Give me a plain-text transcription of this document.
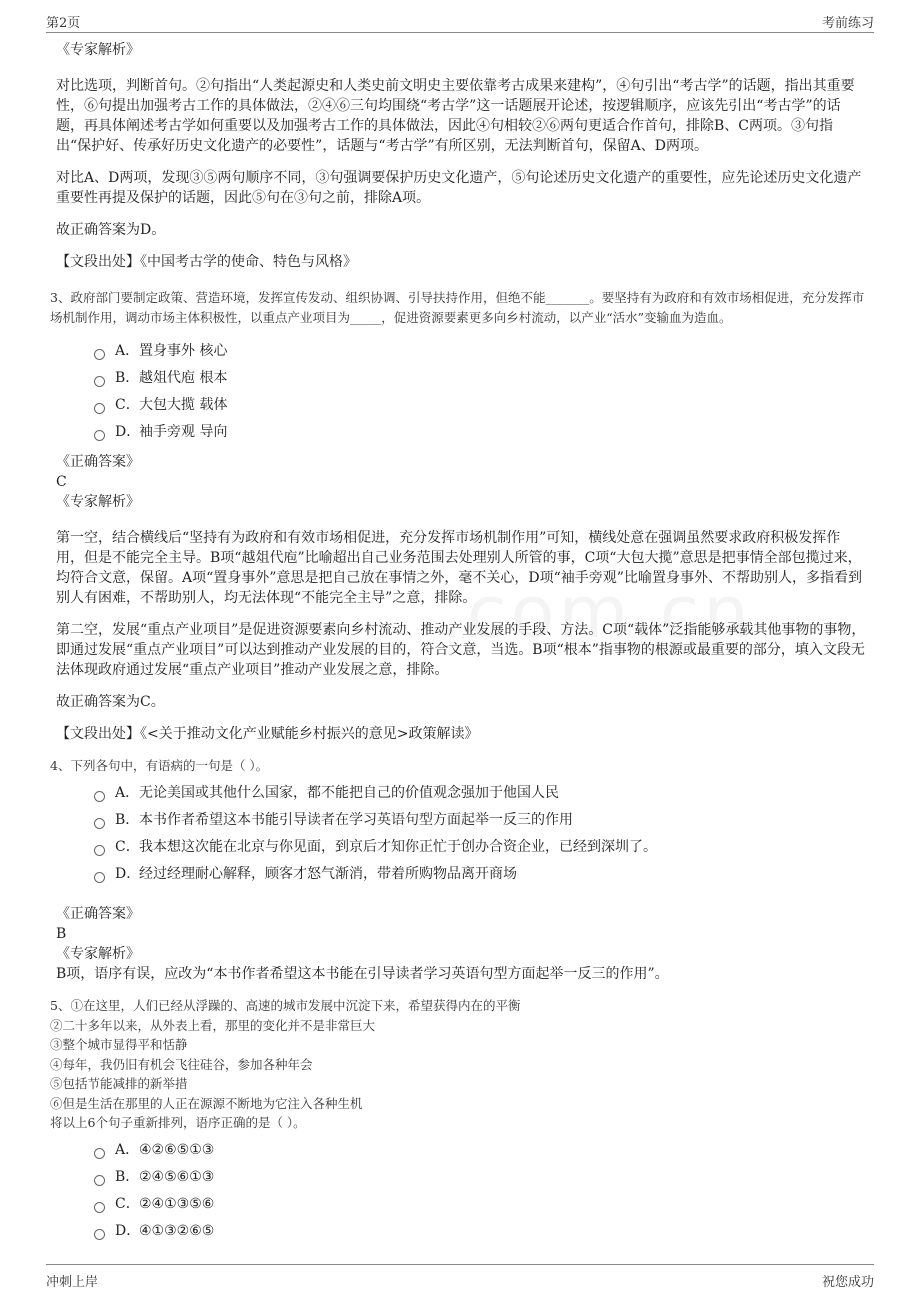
第2页	考前练习
《专家解析》
对比选项，判断首句。②句指出“人类起源史和人类史前文明史主要依靠考古成果来建构”，④句引出“考古学”的话题，指出其重要性，⑥句提出加强考古工作的具体做法，②④⑥三句均围绕“考古学”这一话题展开论述，按逻辑顺序，应该先引出“考古学”的话题，再具体阐述考古学如何重要以及加强考古工作的具体做法，因此④句相较②⑥两句更适合作首句，排除B、C两项。③句指出“保护好、传承好历史文化遗产的必要性”，话题与“考古学”有所区别，无法判断首句，保留A、D两项。
对比A、D两项，发现③⑤两句顺序不同，③句强调要保护历史文化遗产，⑤句论述历史文化遗产的重要性，应先论述历史文化遗产重要性再提及保护的话题，因此⑤句在③句之前，排除A项。
故正确答案为D。
【文段出处】《中国考古学的使命、特色与风格》
3、政府部门要制定政策、营造环境，发挥宣传发动、组织协调、引导扶持作用，但绝不能_______。要坚持有为政府和有效市场相促进，充分发挥市场机制作用，调动市场主体积极性，以重点产业项目为_____，促进资源要素更多向乡村流动，以产业“活水”变输血为造血。
A． 置身事外 核心
B． 越俎代庖 根本
C． 大包大揽 载体
D．
袖手旁观 导向
《正确答案》
C
《专家解析》
第一空，结合横线后“坚持有为政府和有效市场相促进，充分发挥市场机制作用”可知，横线处意在强调虽然要求政府积极发挥作用，但是不能完全主导。B项“越俎代庖”比喻超出自己业务范围去处理别人所管的事，C项“大包大揽”意思是把事情全部包揽过来，均符合文意，保留。A项“置身事外”意思是把自己放在事情之外，毫不关心，D项“袖手旁观”比喻置身事外、不帮助别人，多指看到别人有困难，不帮助别人，均无法体现“不能完全主导”之意，排除。
第二空，发展“重点产业项目”是促进资源要素向乡村流动、推动产业发展的手段、方法。C项“载体”泛指能够承载其他事物的事物，即通过发展“重点产业项目”可以达到推动产业发展的目的，符合文意，当选。B项“根本”指事物的根源或最重要的部分，填入文段无法体现政府通过发展“重点产业项目”推动产业发展之意，排除。
故正确答案为C。
【文段出处】《<关于推动文化产业赋能乡村振兴的意见>政策解读》
4、下列各句中，有语病的一句是（ ）。
A． 无论美国或其他什么国家，都不能把自己的价值观念强加于他国人民
B． 本书作者希望这本书能引导读者在学习英语句型方面起举一反三的作用
C． 我本想这次能在北京与你见面，到京后才知你正忙于创办合资企业，已经到深圳了。
D．
经过经理耐心解释，顾客才怒气渐消，带着所购物品离开商场
《正确答案》
B
《专家解析》
B项，语序有误，应改为“本书作者希望这本书能在引导读者学习英语句型方面起举一反三的作用”。
5、①在这里，人们已经从浮躁的、高速的城市发展中沉淀下来，希望获得内在的平衡
②二十多年以来，从外表上看，那里的变化并不是非常巨大
③整个城市显得平和恬静
④每年，我仍旧有机会飞往硅谷，参加各种年会
⑤包括节能减排的新举措
⑥但是生活在那里的人正在源源不断地为它注入各种生机
将以上6个句子重新排列，语序正确的是（ ）。
A． ④②⑥⑤①③
B． ②④⑤⑥①③
C． ②④①③⑤⑥
D．
④①③②⑥⑤
冲刺上岸	祝您成功
